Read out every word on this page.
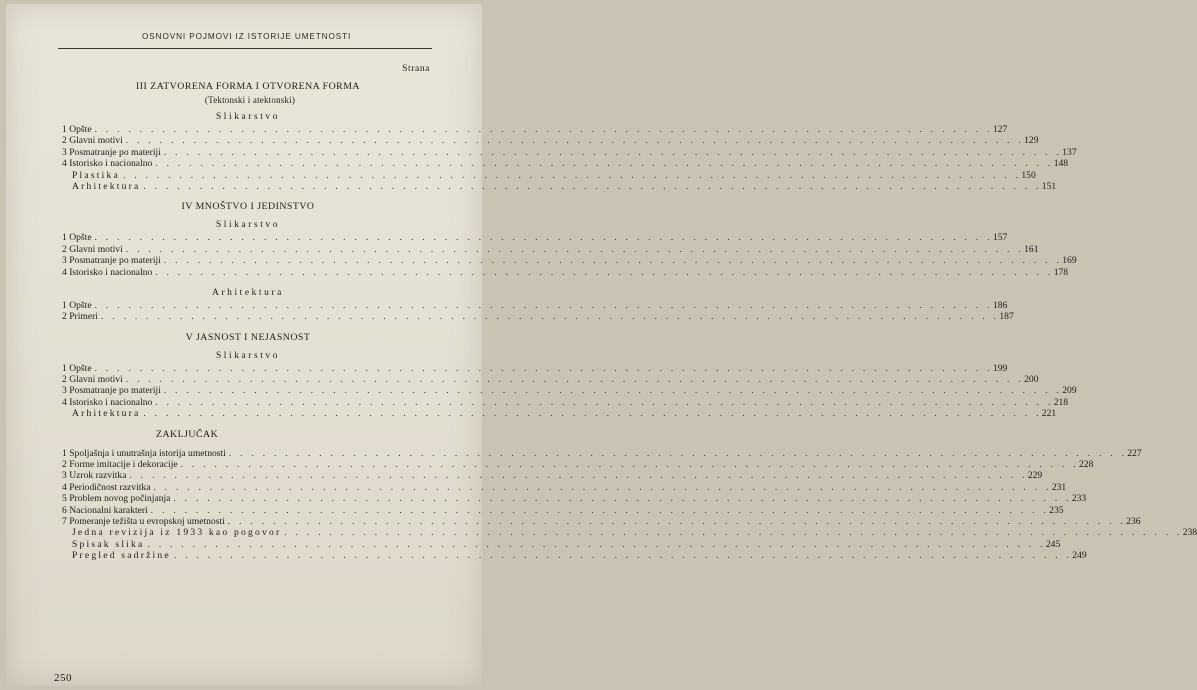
OSNOVNI POJMOVI IZ ISTORIJE UMETNOSTI
Strana
III ZATVORENA FORMA I OTVORENA FORMA
(Tektonski i atektonski)
Slikarstvo
1 Opšte . . . . . . . . . . . . . . . . . . . . . . . . . . . . . . . . . . . . . . . . . . . . . . . . . . . . . . . . . . . . . . . . . . . . . . . . . . . . . . . . 127
2 Glavni motivi . . . . . . . . . . . . . . . . . . . . . . . . . . . . . . . . . . . . . . . . . . . . . . . . . . . . . . . . . . . . . . . . . . . . . . . . . . . . . . . . 129
3 Posmatranje po materiji . . . . . . . . . . . . . . . . . . . . . . . . . . . . . . . . . . . . . . . . . . . . . . . . . . . . . . . . . . . . . . . . . . . . . . . . . . . . . . . . 137
4 Istorisko i nacionalno . . . . . . . . . . . . . . . . . . . . . . . . . . . . . . . . . . . . . . . . . . . . . . . . . . . . . . . . . . . . . . . . . . . . . . . . . . . . . . . . 148
Plastika . . . . . . . . . . . . . . . . . . . . . . . . . . . . . . . . . . . . . . . . . . . . . . . . . . . . . . . . . . . . . . . . . . . . . . . . . . . . . . . . 150
Arhitektura . . . . . . . . . . . . . . . . . . . . . . . . . . . . . . . . . . . . . . . . . . . . . . . . . . . . . . . . . . . . . . . . . . . . . . . . . . . . . . . . 151
IV MNOŠTVO I JEDINSTVO
Slikarstvo
1 Opšte . . . . . . . . . . . . . . . . . . . . . . . . . . . . . . . . . . . . . . . . . . . . . . . . . . . . . . . . . . . . . . . . . . . . . . . . . . . . . . . . 157
2 Glavni motivi . . . . . . . . . . . . . . . . . . . . . . . . . . . . . . . . . . . . . . . . . . . . . . . . . . . . . . . . . . . . . . . . . . . . . . . . . . . . . . . . 161
3 Posmatranje po materiji . . . . . . . . . . . . . . . . . . . . . . . . . . . . . . . . . . . . . . . . . . . . . . . . . . . . . . . . . . . . . . . . . . . . . . . . . . . . . . . . 169
4 Istorisko i nacionalno . . . . . . . . . . . . . . . . . . . . . . . . . . . . . . . . . . . . . . . . . . . . . . . . . . . . . . . . . . . . . . . . . . . . . . . . . . . . . . . . 178
Arhitektura
1 Opšte . . . . . . . . . . . . . . . . . . . . . . . . . . . . . . . . . . . . . . . . . . . . . . . . . . . . . . . . . . . . . . . . . . . . . . . . . . . . . . . . 186
2 Primeri . . . . . . . . . . . . . . . . . . . . . . . . . . . . . . . . . . . . . . . . . . . . . . . . . . . . . . . . . . . . . . . . . . . . . . . . . . . . . . . . 187
V JASNOST I NEJASNOST
Slikarstvo
1 Opšte . . . . . . . . . . . . . . . . . . . . . . . . . . . . . . . . . . . . . . . . . . . . . . . . . . . . . . . . . . . . . . . . . . . . . . . . . . . . . . . . 199
2 Glavni motivi . . . . . . . . . . . . . . . . . . . . . . . . . . . . . . . . . . . . . . . . . . . . . . . . . . . . . . . . . . . . . . . . . . . . . . . . . . . . . . . . 200
3 Posmatranje po materiji . . . . . . . . . . . . . . . . . . . . . . . . . . . . . . . . . . . . . . . . . . . . . . . . . . . . . . . . . . . . . . . . . . . . . . . . . . . . . . . . 209
4 Istorisko i nacionalno . . . . . . . . . . . . . . . . . . . . . . . . . . . . . . . . . . . . . . . . . . . . . . . . . . . . . . . . . . . . . . . . . . . . . . . . . . . . . . . . 218
Arhitektura . . . . . . . . . . . . . . . . . . . . . . . . . . . . . . . . . . . . . . . . . . . . . . . . . . . . . . . . . . . . . . . . . . . . . . . . . . . . . . . . 221
ZAKLJUČAK
1 Spoljašnja i unutrašnja istorija umetnosti . . . . . . . . . . . . . . . . . . . . . . . . . . . . . . . . . . . . . . . . . . . . . . . . . . . . . . . . . . . . . . . . . . . . . . . . . . . . . . . . 227
2 Forme imitacije i dekoracije . . . . . . . . . . . . . . . . . . . . . . . . . . . . . . . . . . . . . . . . . . . . . . . . . . . . . . . . . . . . . . . . . . . . . . . . . . . . . . . . 228
3 Uzrok razvitka . . . . . . . . . . . . . . . . . . . . . . . . . . . . . . . . . . . . . . . . . . . . . . . . . . . . . . . . . . . . . . . . . . . . . . . . . . . . . . . . 229
4 Periodičnost razvitka . . . . . . . . . . . . . . . . . . . . . . . . . . . . . . . . . . . . . . . . . . . . . . . . . . . . . . . . . . . . . . . . . . . . . . . . . . . . . . . . 231
5 Problem novog počinjanja . . . . . . . . . . . . . . . . . . . . . . . . . . . . . . . . . . . . . . . . . . . . . . . . . . . . . . . . . . . . . . . . . . . . . . . . . . . . . . . . 233
6 Nacionalni karakteri . . . . . . . . . . . . . . . . . . . . . . . . . . . . . . . . . . . . . . . . . . . . . . . . . . . . . . . . . . . . . . . . . . . . . . . . . . . . . . . . 235
7 Pomeranje težišta u evropskoj umetnosti . . . . . . . . . . . . . . . . . . . . . . . . . . . . . . . . . . . . . . . . . . . . . . . . . . . . . . . . . . . . . . . . . . . . . . . . . . . . . . . . 236
Jedna revizija iz 1933 kao pogovor . . . . . . . . . . . . . . . . . . . . . . . . . . . . . . . . . . . . . . . . . . . . . . . . . . . . . . . . . . . . . . . . . . . . . . . . . . . . . . . . 238
Spisak slika . . . . . . . . . . . . . . . . . . . . . . . . . . . . . . . . . . . . . . . . . . . . . . . . . . . . . . . . . . . . . . . . . . . . . . . . . . . . . . . . 245
Pregled sadržine . . . . . . . . . . . . . . . . . . . . . . . . . . . . . . . . . . . . . . . . . . . . . . . . . . . . . . . . . . . . . . . . . . . . . . . . . . . . . . . . 249
250
